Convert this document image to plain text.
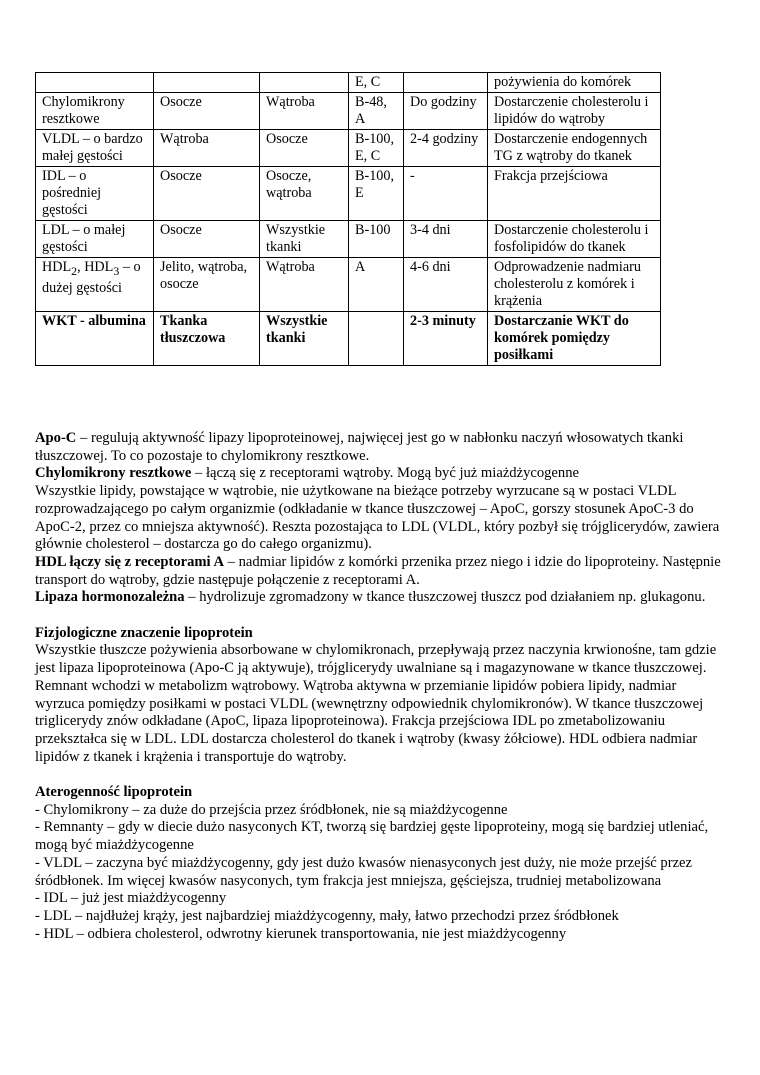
			E, C		pożywienia do komórek
Chylomikrony resztkowe	Osocze	Wątroba	B-48, A	Do godziny	Dostarczenie cholesterolu i lipidów do wątroby
VLDL – o bardzo małej gęstości	Wątroba	Osocze	B-100, E, C	2-4 godziny	Dostarczenie endogennych TG z wątroby do tkanek
IDL – o pośredniej gęstości	Osocze	Osocze, wątroba	B-100, E	-	Frakcja przejściowa
LDL – o małej gęstości	Osocze	Wszystkie tkanki	B-100	3-4 dni	Dostarczenie cholesterolu i fosfolipidów do tkanek
$HDL_2$, $HDL_3$ – o dużej gęstości	Jelito, wątroba, osocze	Wątroba	A	4-6 dni	Odprowadzenie nadmiaru cholesterolu z komórek i krążenia
WKT - albumina	Tkanka tłuszczowa	Wszystkie tkanki		2-3 minuty	Dostarczanie WKT do komórek pomiędzy posiłkami

Apo-C – regulują aktywność lipazy lipoproteinowej, najwięcej jest go w nabłonku naczyń włosowatych tkanki tłuszczowej. To co pozostaje to chylomikrony resztkowe.

Chylomikrony resztkowe – łączą się z receptorami wątroby. Mogą być już miażdżycogenne

Wszystkie lipidy, powstające w wątrobie, nie użytkowane na bieżące potrzeby wyrzucane są w postaci VLDL rozprowadzającego po całym organizmie (odkładanie w tkance tłuszczowej – ApoC, gorszy stosunek ApoC-3 do ApoC-2, przez co mniejsza aktywność). Reszta pozostająca to LDL (VLDL, który pozbył się trójglicerydów, zawiera głównie cholesterol – dostarcza go do całego organizmu).

HDL łączy się z receptorami A – nadmiar lipidów z komórki przenika przez niego i idzie do lipoproteiny. Następnie transport do wątroby, gdzie następuje połączenie z receptorami A.

Lipaza hormonozależna – hydrolizuje zgromadzony w tkance tłuszczowej tłuszcz pod działaniem np. glukagonu.

Fizjologiczne znaczenie lipoprotein

Wszystkie tłuszcze pożywienia absorbowane w chylomikronach, przepływają przez naczynia krwionośne, tam gdzie jest lipaza lipoproteinowa (Apo-C ją aktywuje), trójglicerydy uwalniane są i magazynowane w tkance tłuszczowej. Remnant wchodzi w metabolizm wątrobowy. Wątroba aktywna w przemianie lipidów pobiera lipidy, nadmiar wyrzuca pomiędzy posiłkami w postaci VLDL (wewnętrzny odpowiednik chylomikronów). W tkance tłuszczowej triglicerydy znów odkładane (ApoC, lipaza lipoproteinowa). Frakcja przejściowa IDL po zmetabolizowaniu przekształca się w LDL. LDL dostarcza cholesterol do tkanek i wątroby (kwasy żółciowe). HDL odbiera nadmiar lipidów z tkanek i krążenia i transportuje do wątroby.

Aterogenność lipoprotein

- Chylomikrony – za duże do przejścia przez śródbłonek, nie są miażdżycogenne

- Remnanty – gdy w diecie dużo nasyconych KT, tworzą się bardziej gęste lipoproteiny, mogą się bardziej utleniać, mogą być miażdżycogenne

- VLDL – zaczyna być miażdżycogenny, gdy jest dużo kwasów nienasyconych jest duży, nie może przejść przez śródbłonek. Im więcej kwasów nasyconych, tym frakcja jest mniejsza, gęściejsza, trudniej metabolizowana

- IDL – już jest miażdżycogenny

- LDL – najdłużej krąży, jest najbardziej miażdżycogenny, mały, łatwo przechodzi przez śródbłonek

- HDL – odbiera cholesterol, odwrotny kierunek transportowania, nie jest miażdżycogenny
